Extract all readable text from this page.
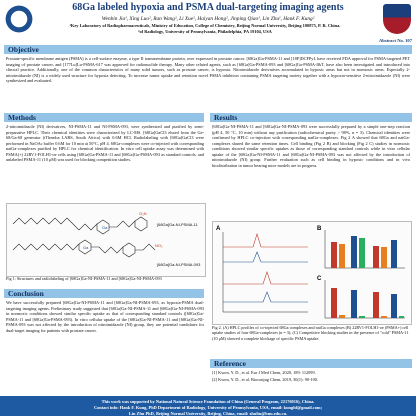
68Ga labeled hypoxia and PSMA dual-targeting imaging agents
Wenbin Jia¹, Xing Luo², Ran Wang², Li Xue², Haiyan Hong², Jinping Qiao¹, Lin Zhu¹, Hank F. Kung²
¹Key Laboratory of Radiopharmaceuticals, Ministry of Education, College of Chemistry, Beijing Normal University, Beijing 100875, P. R. China.
²of Radiology, University of Pennsylvania, Philadelphia, PA 19104, USA
Abstract No. 107
Objective
Prostate-specific membrane antigen (PSMA) is a cell-surface enzyme, a type II transmembrane protein, over expressed in prostate cancer. [68Ga]Ga-PSMA-11 and [18F]DCFPyL have received FDA approval for PSMA-targeted PET imaging of prostate cancer, and [177Lu]Lu-PSMA-617 was approved for radionuclide therapy. Many other related agents, such as [68Ga]Ga-PSMA-093 and [68Ga]Ga-PSMA-I&T, have also been investigated and introduced into clinical practice. Additionally, one of the common characteristics of many solid tumors, such as prostate cancer, is hypoxia. Nitroimidazole derivatives accumulated in hypoxic areas but not in normoxic areas. Especially 2-nitroimidazole (NI) is a widely used structure for hypoxia detecting. To increase tumor uptake and retention novel PSMA inhibitors containing PSMA targeting moiety together with a hypoxia-sensitive 2-nitroimidazole (NI) were synthesized and evaluated.
Methods
2-nitroimidazole (NI) derivatives, NI-PSMA-11 and NI-PSMA-093, were synthesized and purified by semi-preparative HPLC. Their chemical identities were characterized by LC-MS. [68Ga]GaCl3 eluted from the Ge-68/Ga-68 generator (iThemba LABS, South Africa) with 0.6M HCl. Radiolabeling with [68Ga]GaCl3 were performed in NaOAc buffer 0.6M for 10 min at 50°C, pH 4. 68Ga-complexes were co-injected with corresponding natGa-complexes purified by HPLC for chemical identification. In vitro cell uptake assay was determined with PSMA(+) 22RV1-FOLH1-oe cells using [68Ga]Ga-PSMA-11 and [68Ga]Ga-PSMA-093 as standard controls, and unlabeled PSMA-11 (10 μM) was used for blocking competition studies.
O₂N
NO₂
Ga
Ga
[68Ga]Ga-NI-PSMA-11
[68Ga]Ga-NI-PSMA-093
Fig 1: Structures and radiolabeling of [68Ga]Ga-NI-PSMA-11 and [68Ga]Ga-NI-PSMA-093
Conclusion
We have successfully prepared [68Ga]Ga-NI-PSMA-11 and [68Ga]Ga-NI-PSMA-093, as hypoxia-PSMA dual-targeting imaging agents. Preliminary study suggested that [68Ga]Ga-NI-PSMA-11 and [68Ga]Ga-NI-PSMA-093 in normoxic conditions showed similar specific uptake as that of corresponding standard controls ([68Ga]Ga-PSMA-11 and [68Ga]Ga-PSMA-093). In vitro cellular uptake of the [68Ga]Ga-NI-PSMA-11 and [68Ga]Ga-NI-PSMA-093 was not affected by the introduction of nitroimidazole (NI) group, they are potential candidates for dual-target imaging for patients with prostate cancer.
Results
[68Ga]Ga-NI-PSMA-11 and [68Ga]Ga-NI-PSMA-093 were successfully prepared by a simple one-step reaction (pH 4, 50 °C, 10 min) without any purification (radiochemical purity > 98%, n = 3). Chemical identities were confirmed by HPLC co-injection with corresponding natGa-complexes. Fig 2 A showed that 68Ga and natGa-complexes shared the same retention times. Cell binding (Fig 2 B) and blocking (Fig 2 C) studies in normoxic conditions showed similar specific uptakes as those of corresponding standard controls while in vitro cellular uptake of the [68Ga]Ga-NI-PSMA-11 and [68Ga]Ga-NI-PSMA-093 was not affected by the introduction of nitroimidazole (NI) group. Further evaluation such as cell binding in hypoxic conditions and in vivo biodistribution in tumor bearing mice models are in progress.
A	B
C
Fig 2. (A) HPLC profiles of co-injected 68Ga complexes and natGa complexes (B) 22RV1-FOLH1-oe (PSMA+) cell uptake studies of four 68Ga-complexes (n = 3); (C) Competitive blocking studies in the presence of "cold" PSMA-11 (10 μM) showed a complete blockage of specific PSMA uptake.
Reference
[1] Kwon, Y. D., et al. Eur J Med Chem, 2020, 189: 112099.
[2] Kwon, Y. D., et al. Bioconjug Chem, 2019, 30(1): 90-100.
This work was supported by National Natural Science Foundation of China (General Program, 22176016), China.
Contact info: Hank F. Kung, PhD Department of Radiology, University of Pennsylvania, USA, email: kunghf@gmail.com;
Lin Zhu PhD, Beijing Normal University, Beijing, China, email: zhulin@bnu.edu.cn.
